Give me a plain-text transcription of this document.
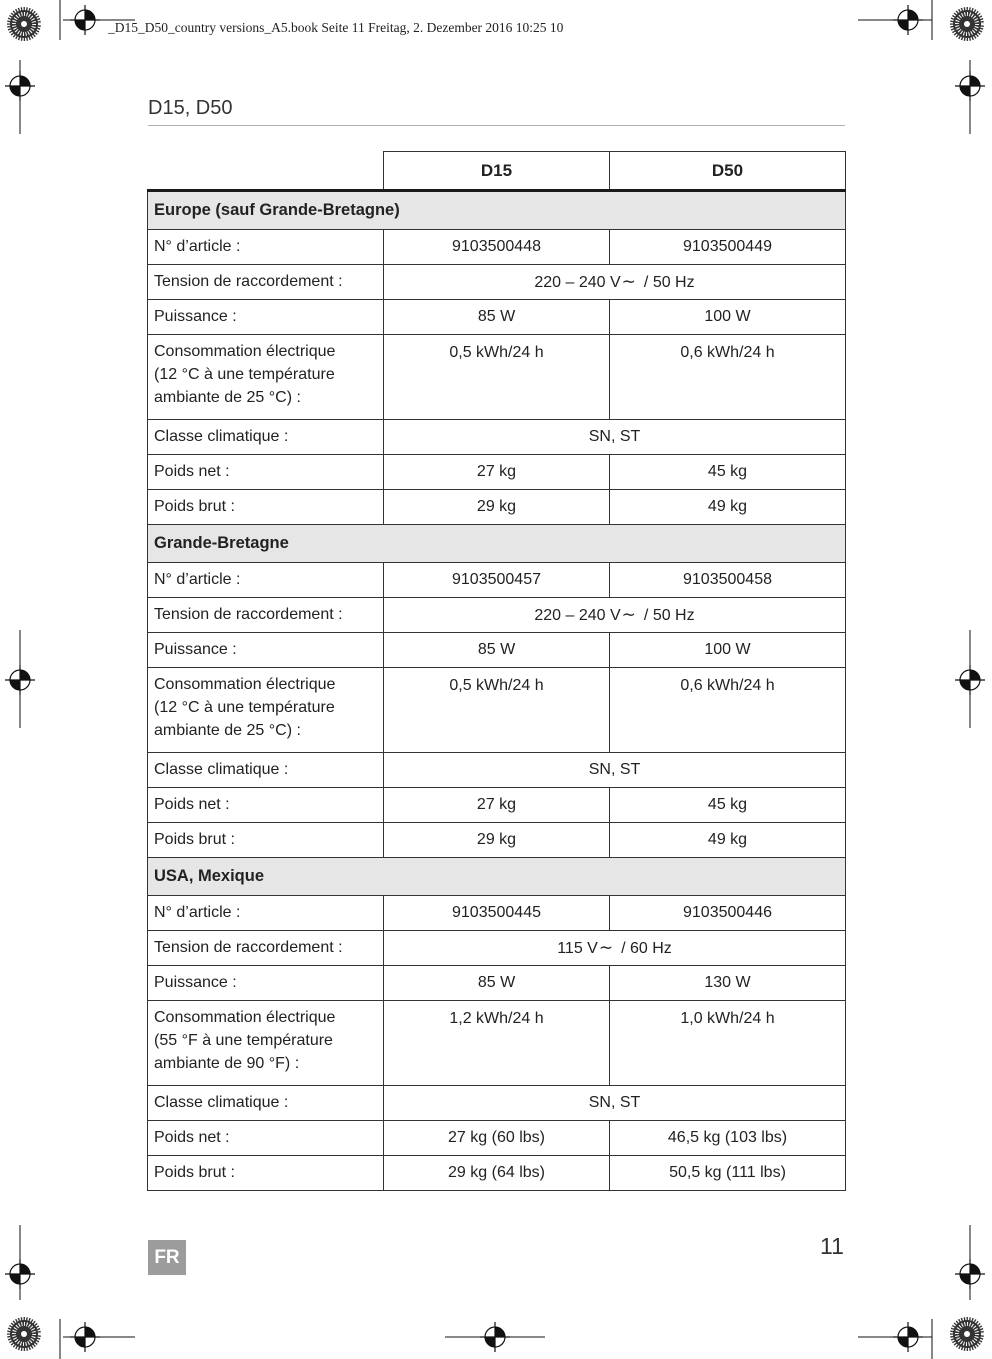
_D15_D50_country versions_A5.book Seite 11 Freitag, 2. Dezember 2016 10:25 10
D15, D50
	D15	D50
Europe (sauf Grande-Bretagne)		
N° d’article :	9103500448	9103500449
Tension de raccordement :	220 – 240 V∼ / 50 Hz	
Puissance :	85 W	100 W
Consommation électrique
(12 °C à une température
ambiante de 25 °C) :	0,5 kWh/24 h	0,6 kWh/24 h
Classe climatique :	SN, ST	
Poids net :	27 kg	45 kg
Poids brut :	29 kg	49 kg
Grande-Bretagne		
N° d’article :	9103500457	9103500458
Tension de raccordement :	220 – 240 V∼ / 50 Hz	
Puissance :	85 W	100 W
Consommation électrique
(12 °C à une température
ambiante de 25 °C) :	0,5 kWh/24 h	0,6 kWh/24 h
Classe climatique :	SN, ST	
Poids net :	27 kg	45 kg
Poids brut :	29 kg	49 kg
USA, Mexique		
N° d’article :	9103500445	9103500446
Tension de raccordement :	115 V∼ / 60 Hz	
Puissance :	85 W	130 W
Consommation électrique
(55 °F à une température
ambiante de 90 °F) :	1,2 kWh/24 h	1,0 kWh/24 h
Classe climatique :	SN, ST	
Poids net :	27 kg (60 lbs)	46,5 kg (103 lbs)
Poids brut :	29 kg (64 lbs)	50,5 kg (111 lbs)
11
FR
